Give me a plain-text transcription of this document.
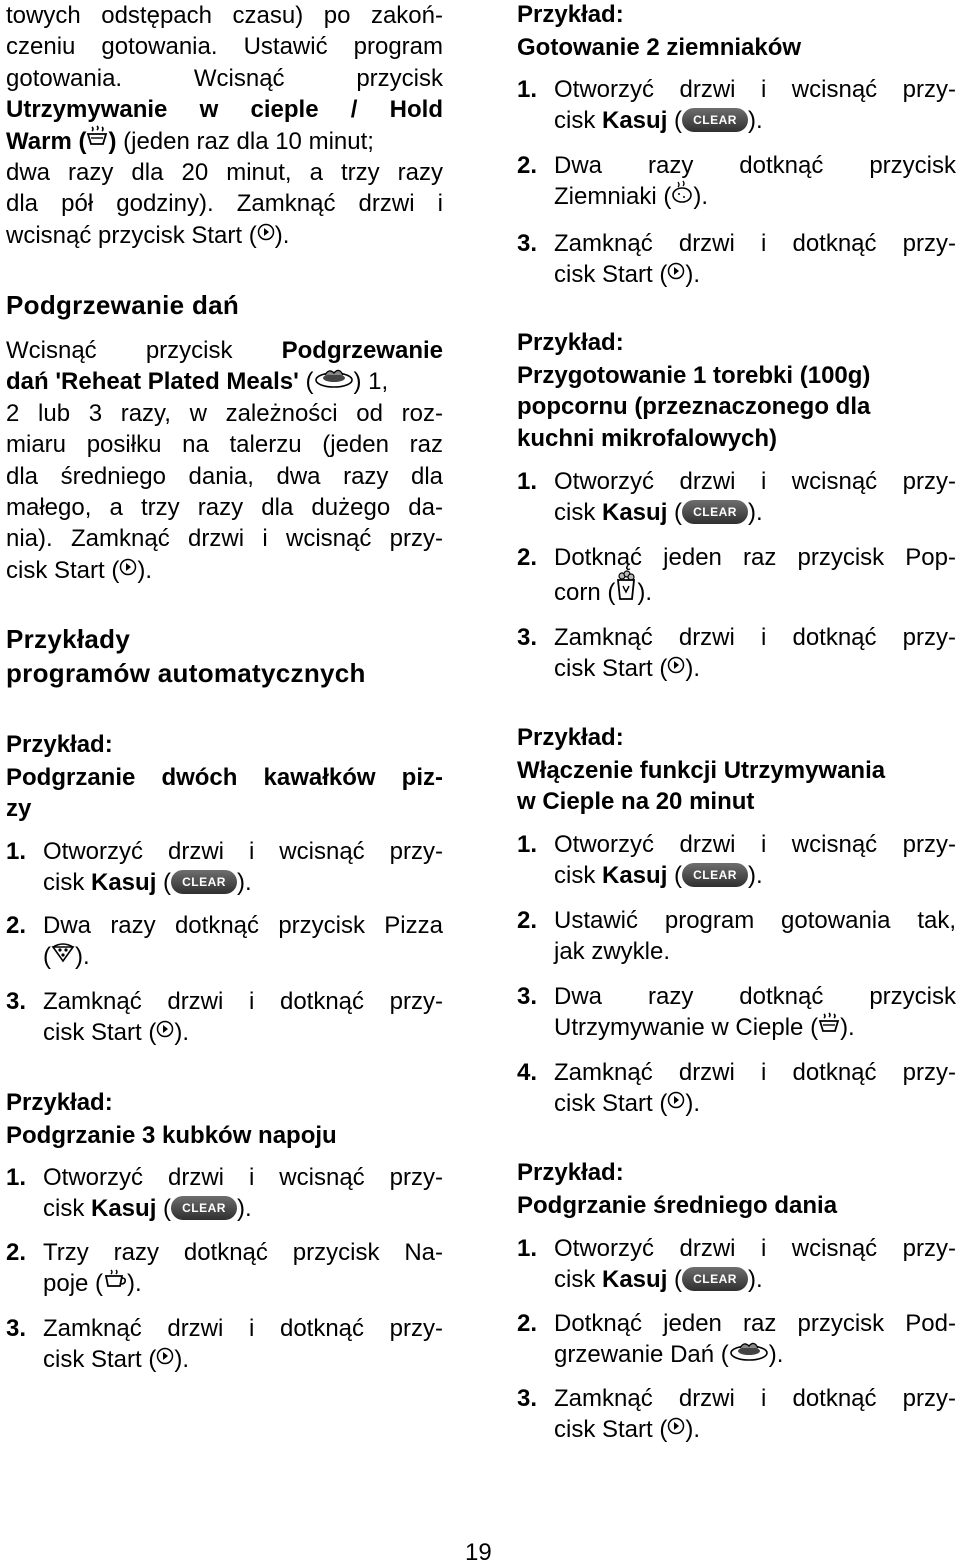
towych odstępach czasu) po zakoń-

czeniu gotowania. Ustawić program

gotowania. Wcisnąć przycisk

Utrzymywanie w cieple / Hold

Warm ( ) (jeden raz dla 10 minut;

dwa razy dla 20 minut, a trzy razy

dla pół godziny). Zamknąć drzwi i

wcisnąć przycisk Start ( ).

Podgrzewanie dań

Wcisnąć przycisk Podgrzewanie

dań 'Reheat Plated Meals' ( ) 1,

2 lub 3 razy, w zależności od roz-

miaru posiłku na talerzu (jeden raz

dla średniego dania, dwa razy dla

małego, a trzy razy dla dużego da-

nia). Zamknąć drzwi i wcisnąć przy-

cisk Start ( ).

Przykłady

programów automatycznych

Przykład:

Podgrzanie dwóch kawałków piz-

zy

1. Otworzyć drzwi i wcisnąć przy-
cisk Kasuj ( CLEAR ).
2. Dwa razy dotknąć przycisk Pizza
( ).
3. Zamknąć drzwi i dotknąć przy-
cisk Start ( ).

Przykład:

Podgrzanie 3 kubków napoju

1. Otworzyć drzwi i wcisnąć przy-
cisk Kasuj ( CLEAR ).
2. Trzy razy dotknąć przycisk Na-
poje ( ).
3. Zamknąć drzwi i dotknąć przy-
cisk Start ( ).

Przykład:

Gotowanie 2 ziemniaków

1. Otworzyć drzwi i wcisnąć przy-
cisk Kasuj ( CLEAR ).
2. Dwa razy dotknąć przycisk
Ziemniaki ( ).
3. Zamknąć drzwi i dotknąć przy-
cisk Start ( ).

Przykład:

Przygotowanie 1 torebki (100g)

popcornu (przeznaczonego dla

kuchni mikrofalowych)

1. Otworzyć drzwi i wcisnąć przy-
cisk Kasuj ( CLEAR ).
2. Dotknąć jeden raz przycisk Pop-
corn ( ).
3. Zamknąć drzwi i dotknąć przy-
cisk Start ( ).

Przykład:

Włączenie funkcji Utrzymywania

w Cieple na 20 minut

1. Otworzyć drzwi i wcisnąć przy-
cisk Kasuj ( CLEAR ).
2. Ustawić program gotowania tak,
jak zwykle.
3. Dwa razy dotknąć przycisk
Utrzymywanie w Cieple ( ).
4. Zamknąć drzwi i dotknąć przy-
cisk Start ( ).

Przykład:

Podgrzanie średniego dania

1. Otworzyć drzwi i wcisnąć przy-
cisk Kasuj ( CLEAR ).
2. Dotknąć jeden raz przycisk Pod-
grzewanie Dań ( ).
3. Zamknąć drzwi i dotknąć przy-
cisk Start ( ).
19
